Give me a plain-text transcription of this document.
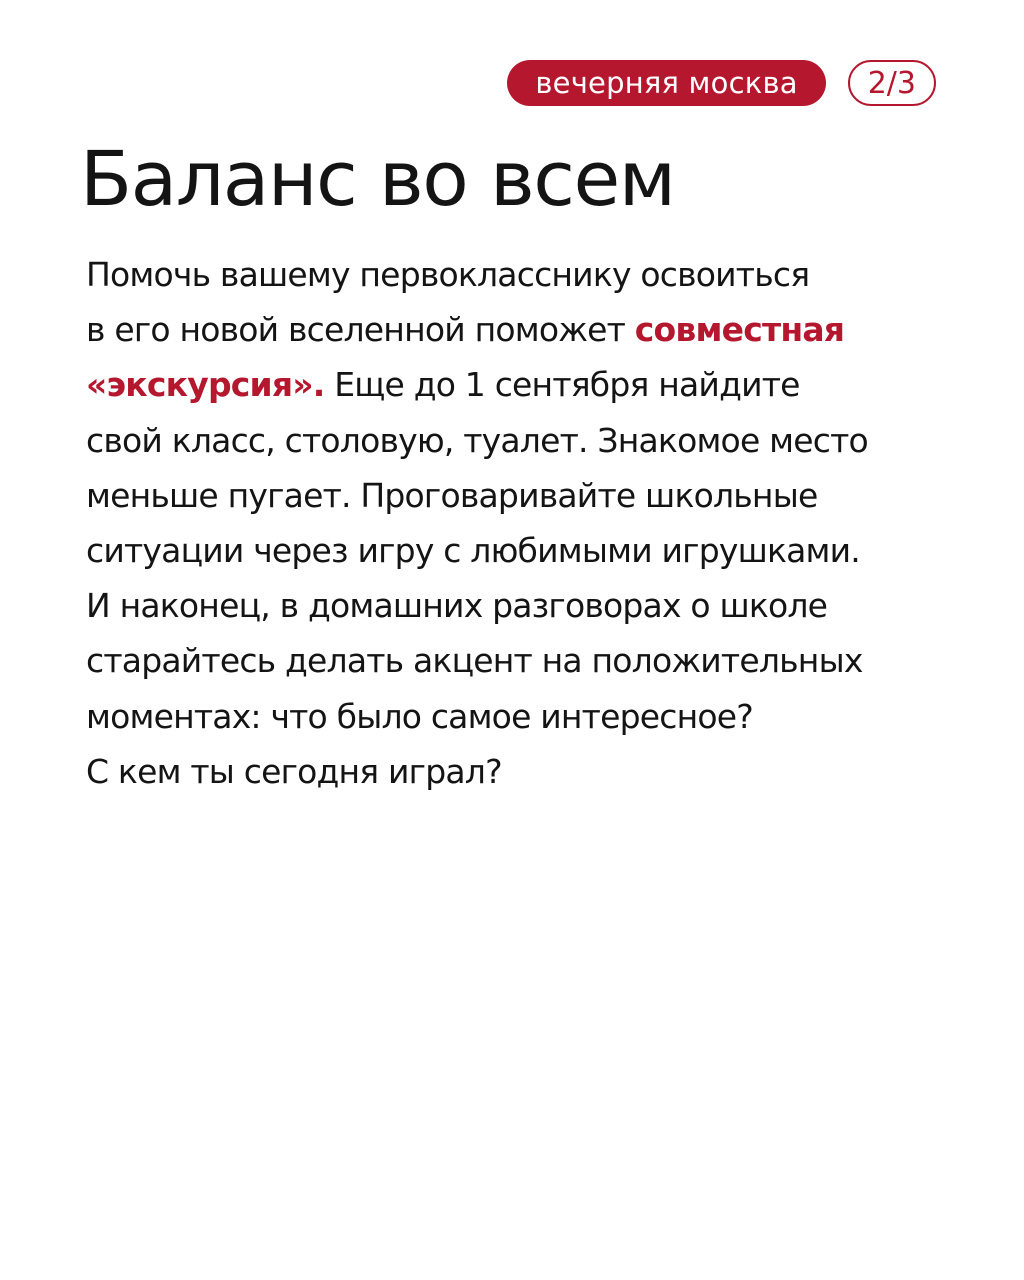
вечерняя москва	2/3
Баланс во всем

Помочь вашему первокласснику освоиться
в его новой вселенной поможет совместная
«экскурсия». Еще до 1 сентября найдите
свой класс, столовую, туалет. Знакомое место
меньше пугает. Проговаривайте школьные
ситуации через игру с любимыми игрушками.
И наконец, в домашних разговорах о школе
старайтесь делать акцент на положительных
моментах: что было самое интересное?
С кем ты сегодня играл?
